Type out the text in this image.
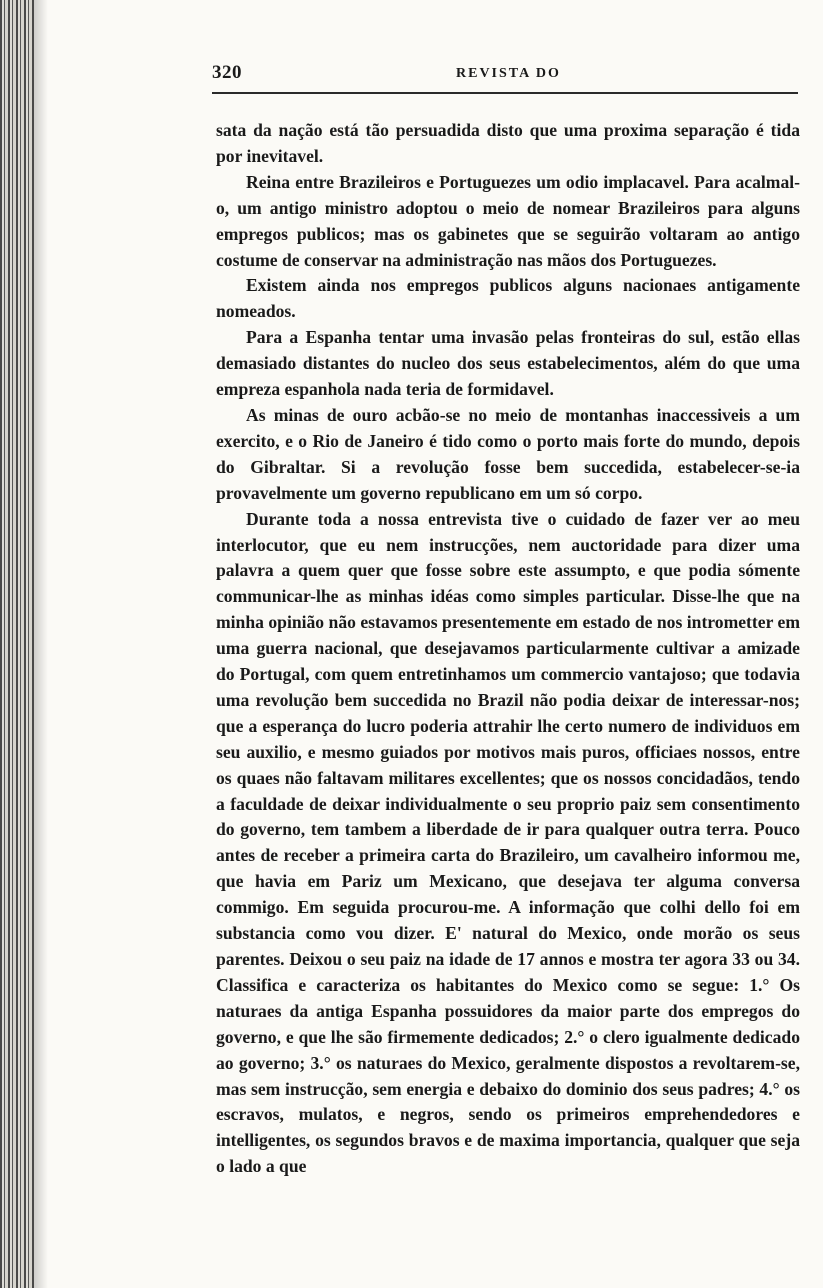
320	REVISTA DO

sata da nação está tão persuadida disto que uma proxima separação é tida por inevitavel.

Reina entre Brazileiros e Portuguezes um odio implacavel. Para acalmal-o, um antigo ministro adoptou o meio de nomear Brazileiros para alguns empregos publicos; mas os gabinetes que se seguirão voltaram ao antigo costume de conservar na administração nas mãos dos Portuguezes.

Existem ainda nos empregos publicos alguns nacionaes antigamente nomeados.

Para a Espanha tentar uma invasão pelas fronteiras do sul, estão ellas demasiado distantes do nucleo dos seus estabelecimentos, além do que uma empreza espanhola nada teria de formidavel.

As minas de ouro acbão-se no meio de montanhas inaccessiveis a um exercito, e o Rio de Janeiro é tido como o porto mais forte do mundo, depois do Gibraltar. Si a revolução fosse bem succedida, estabelecer-se-ia provavelmente um governo republicano em um só corpo.

Durante toda a nossa entrevista tive o cuidado de fazer ver ao meu interlocutor, que eu nem instrucções, nem auctoridade para dizer uma palavra a quem quer que fosse sobre este assumpto, e que podia sómente communicar-lhe as minhas idéas como simples particular. Disse-lhe que na minha opinião não estavamos presentemente em estado de nos intrometter em uma guerra nacional, que desejavamos particularmente cultivar a amizade do Portugal, com quem entretinhamos um commercio vantajoso; que todavia uma revolução bem succedida no Brazil não podia deixar de interessar-nos; que a esperança do lucro poderia attrahir lhe certo numero de individuos em seu auxilio, e mesmo guiados por motivos mais puros, officiaes nossos, entre os quaes não faltavam militares excellentes; que os nossos concidadãos, tendo a faculdade de deixar individualmente o seu proprio paiz sem consentimento do governo, tem tambem a liberdade de ir para qualquer outra terra. Pouco antes de receber a primeira carta do Brazileiro, um cavalheiro informou me, que havia em Pariz um Mexicano, que desejava ter alguma conversa commigo. Em seguida procurou-me. A informação que colhi dello foi em substancia como vou dizer. E' natural do Mexico, onde morão os seus parentes. Deixou o seu paiz na idade de 17 annos e mostra ter agora 33 ou 34. Classifica e caracteriza os habitantes do Mexico como se segue: 1.° Os naturaes da antiga Espanha possuidores da maior parte dos empregos do governo, e que lhe são firmemente dedicados; 2.° o clero igualmente dedicado ao governo; 3.° os naturaes do Mexico, geralmente dispostos a revoltarem-se, mas sem instrucção, sem energia e debaixo do dominio dos seus padres; 4.° os escravos, mulatos, e negros, sendo os primeiros emprehendedores e intelligentes, os segundos bravos e de maxima importancia, qualquer que seja o lado a que
